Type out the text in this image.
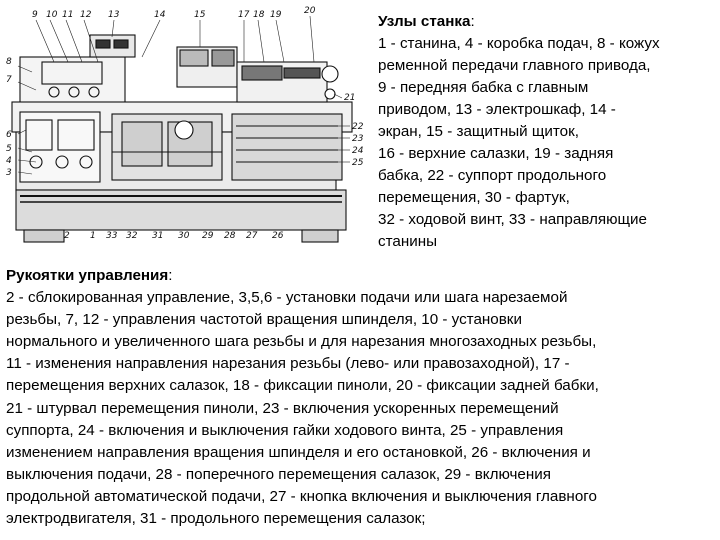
9 10 11 12 13	14	15	17 18 19	20
8
7
6
5
4
3
21
22
23
24
25
2 1 33 32 31 30 29 28 27 26

Узлы станка:

1 - станина, 4 - коробка подач, 8 - кожух

ременной передачи главного привода,

9 - передняя бабка с главным

приводом, 13 - электрошкаф, 14 -

экран, 15 - защитный щиток,

16 - верхние салазки, 19 - задняя

бабка, 22 - суппорт продольного

перемещения, 30 - фартук,

32 - ходовой винт, 33 - направляющие

станины

Рукоятки управления:

2 - сблокированная управление, 3,5,6 - установки подачи или шага нарезаемой

резьбы, 7, 12 - управления частотой вращения шпинделя, 10 - установки

нормального и увеличенного шага резьбы и для нарезания многозаходных резьбы,

11 - изменения направления нарезания резьбы (лево- или правозаходной), 17 -

перемещения верхних салазок, 18 - фиксации пиноли, 20 - фиксации задней бабки,

21 - штурвал перемещения пиноли, 23 - включения ускоренных перемещений

суппорта, 24 - включения и выключения гайки ходового винта, 25 - управления

изменением направления вращения шпинделя и его остановкой, 26 - включения и

выключения подачи, 28 - поперечного перемещения салазок, 29 - включения

продольной автоматической подачи, 27 - кнопка включения и выключения главного

электродвигателя, 31 - продольного перемещения салазок;
